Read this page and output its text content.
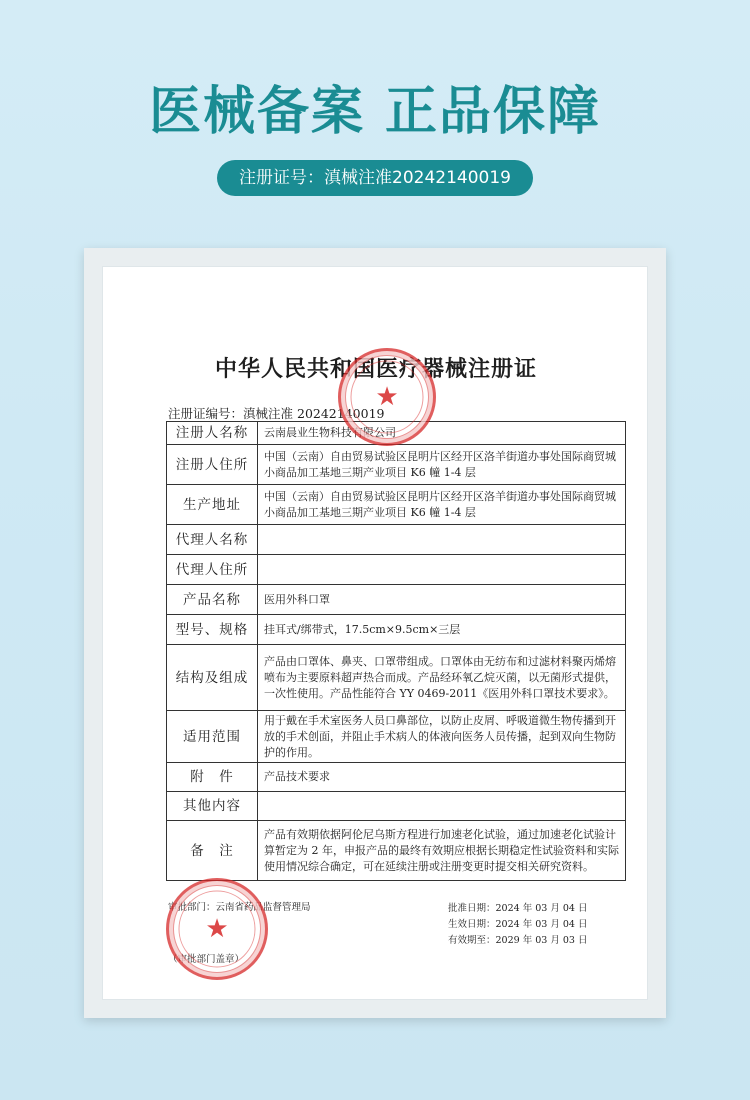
医械备案 正品保障
注册证号：滇械注准20242140019
中华人民共和国医疗器械注册证
注册证编号：滇械注准 20242140019
注册人名称	云南晨业生物科技有限公司
注册人住所	中国（云南）自由贸易试验区昆明片区经开区洛羊街道办事处国际商贸城小商品加工基地三期产业项目 K6 幢 1-4 层
生产地址	中国（云南）自由贸易试验区昆明片区经开区洛羊街道办事处国际商贸城小商品加工基地三期产业项目 K6 幢 1-4 层
代理人名称	
代理人住所	
产品名称	医用外科口罩
型号、规格	挂耳式/绑带式，17.5cm×9.5cm×三层
结构及组成	产品由口罩体、鼻夹、口罩带组成。口罩体由无纺布和过滤材料聚丙烯熔喷布为主要原料超声热合而成。产品经环氧乙烷灭菌，以无菌形式提供，一次性使用。产品性能符合 YY 0469-2011《医用外科口罩技术要求》。
适用范围	用于戴在手术室医务人员口鼻部位，以防止皮屑、呼吸道微生物传播到开放的手术创面，并阻止手术病人的体液向医务人员传播，起到双向生物防护的作用。
附　件	产品技术要求
其他内容	
备　注	产品有效期依据阿伦尼乌斯方程进行加速老化试验，通过加速老化试验计算暂定为 2 年，申报产品的最终有效期应根据长期稳定性试验资料和实际使用情况综合确定，可在延续注册或注册变更时提交相关研究资料。
审批部门：云南省药品监督管理局
（审批部门盖章）
批准日期：2024 年 03 月 04 日
生效日期：2024 年 03 月 04 日
有效期至：2029 年 03 月 03 日
★
★
